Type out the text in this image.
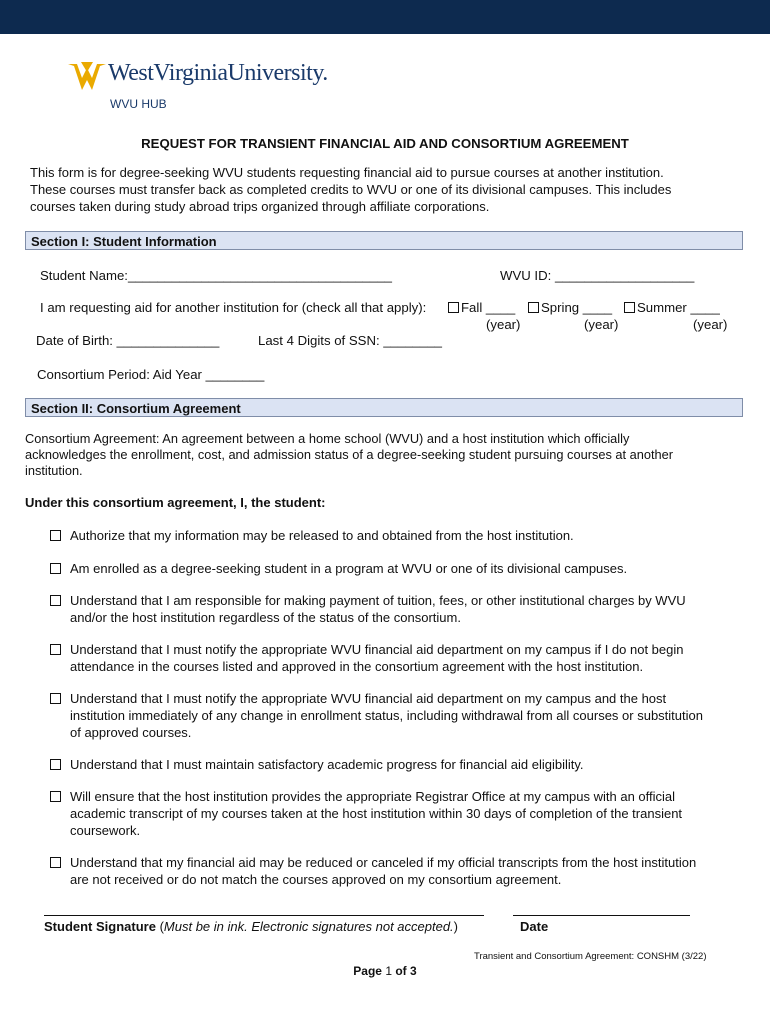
WestVirginiaUniversity.
WVU HUB
REQUEST FOR TRANSIENT FINANCIAL AID AND CONSORTIUM AGREEMENT

This form is for degree-seeking WVU students requesting financial aid to pursue courses at another institution.

These courses must transfer back as completed credits to WVU or one of its divisional campuses. This includes

courses taken during study abroad trips organized through affiliate corporations.

Section I: Student Information
Student Name:____________________________________	WVU ID: ___________________
I am requesting aid for another institution for (check all that apply):	Fall ____
(year)
Spring ____
(year)
Summer ____
(year)
Date of Birth: ______________	Last 4 Digits of SSN: ________
Consortium Period: Aid Year ________
Section II: Consortium Agreement

Consortium Agreement: An agreement between a home school (WVU) and a host institution which officially

acknowledges the enrollment, cost, and admission status of a degree-seeking student pursuing courses at another

institution.

Under this consortium agreement, I, the student:
Authorize that my information may be released to and obtained from the host institution.
Am enrolled as a degree-seeking student in a program at WVU or one of its divisional campuses.
Understand that I am responsible for making payment of tuition, fees, or other institutional charges by WVU
and/or the host institution regardless of the status of the consortium.
Understand that I must notify the appropriate WVU financial aid department on my campus if I do not begin
attendance in the courses listed and approved in the consortium agreement with the host institution.
Understand that I must notify the appropriate WVU financial aid department on my campus and the host
institution immediately of any change in enrollment status, including withdrawal from all courses or substitution
of approved courses.
Understand that I must maintain satisfactory academic progress for financial aid eligibility.
Will ensure that the host institution provides the appropriate Registrar Office at my campus with an official
academic transcript of my courses taken at the host institution within 30 days of completion of the transient
coursework.
Understand that my financial aid may be reduced or canceled if my official transcripts from the host institution
are not received or do not match the courses approved on my consortium agreement.
Student Signature (Must be in ink. Electronic signatures not accepted.)	Date
Transient and Consortium Agreement: CONSHM (3/22)
Page 1 of 3
